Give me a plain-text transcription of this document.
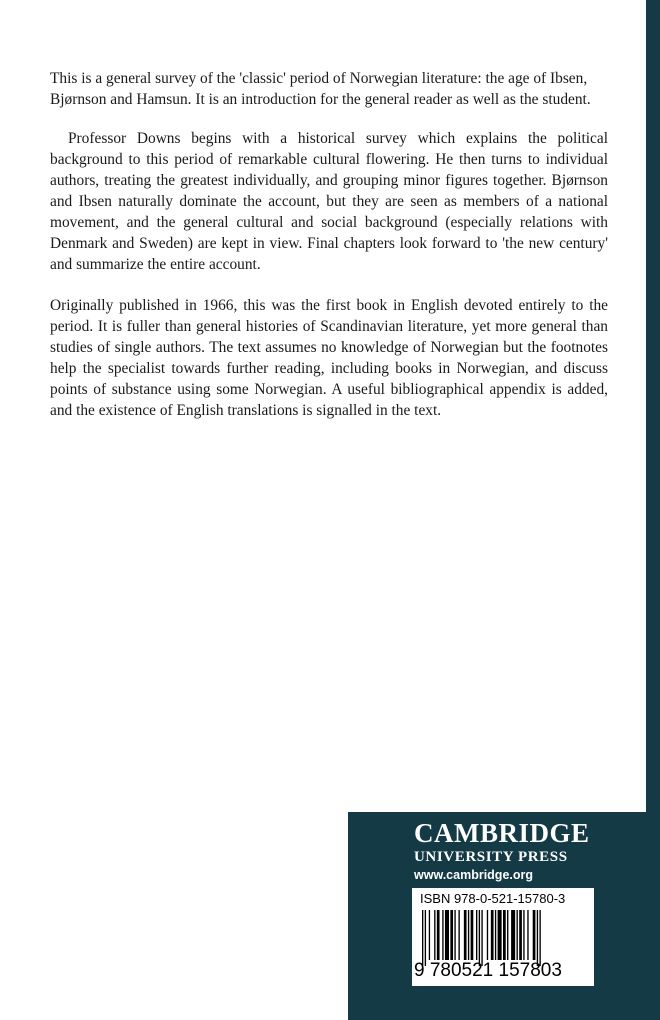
This is a general survey of the 'classic' period of Norwegian literature: the age of Ibsen, Bjørnson and Hamsun. It is an introduction for the general reader as well as the student.

Professor Downs begins with a historical survey which explains the political background to this period of remarkable cultural flowering. He then turns to individual authors, treating the greatest individually, and grouping minor figures together. Bjørnson and Ibsen naturally dominate the account, but they are seen as members of a national movement, and the general cultural and social background (especially relations with Denmark and Sweden) are kept in view. Final chapters look forward to 'the new century' and summarize the entire account.

Originally published in 1966, this was the first book in English devoted entirely to the period. It is fuller than general histories of Scandinavian literature, yet more general than studies of single authors. The text assumes no knowledge of Norwegian but the footnotes help the specialist towards further reading, including books in Norwegian, and discuss points of substance using some Norwegian. A useful bibliographical appendix is added, and the existence of English translations is signalled in the text.

CAMBRIDGE
UNIVERSITY PRESS
www.cambridge.org
ISBN 978-0-521-15780-3
9 780521 157803
